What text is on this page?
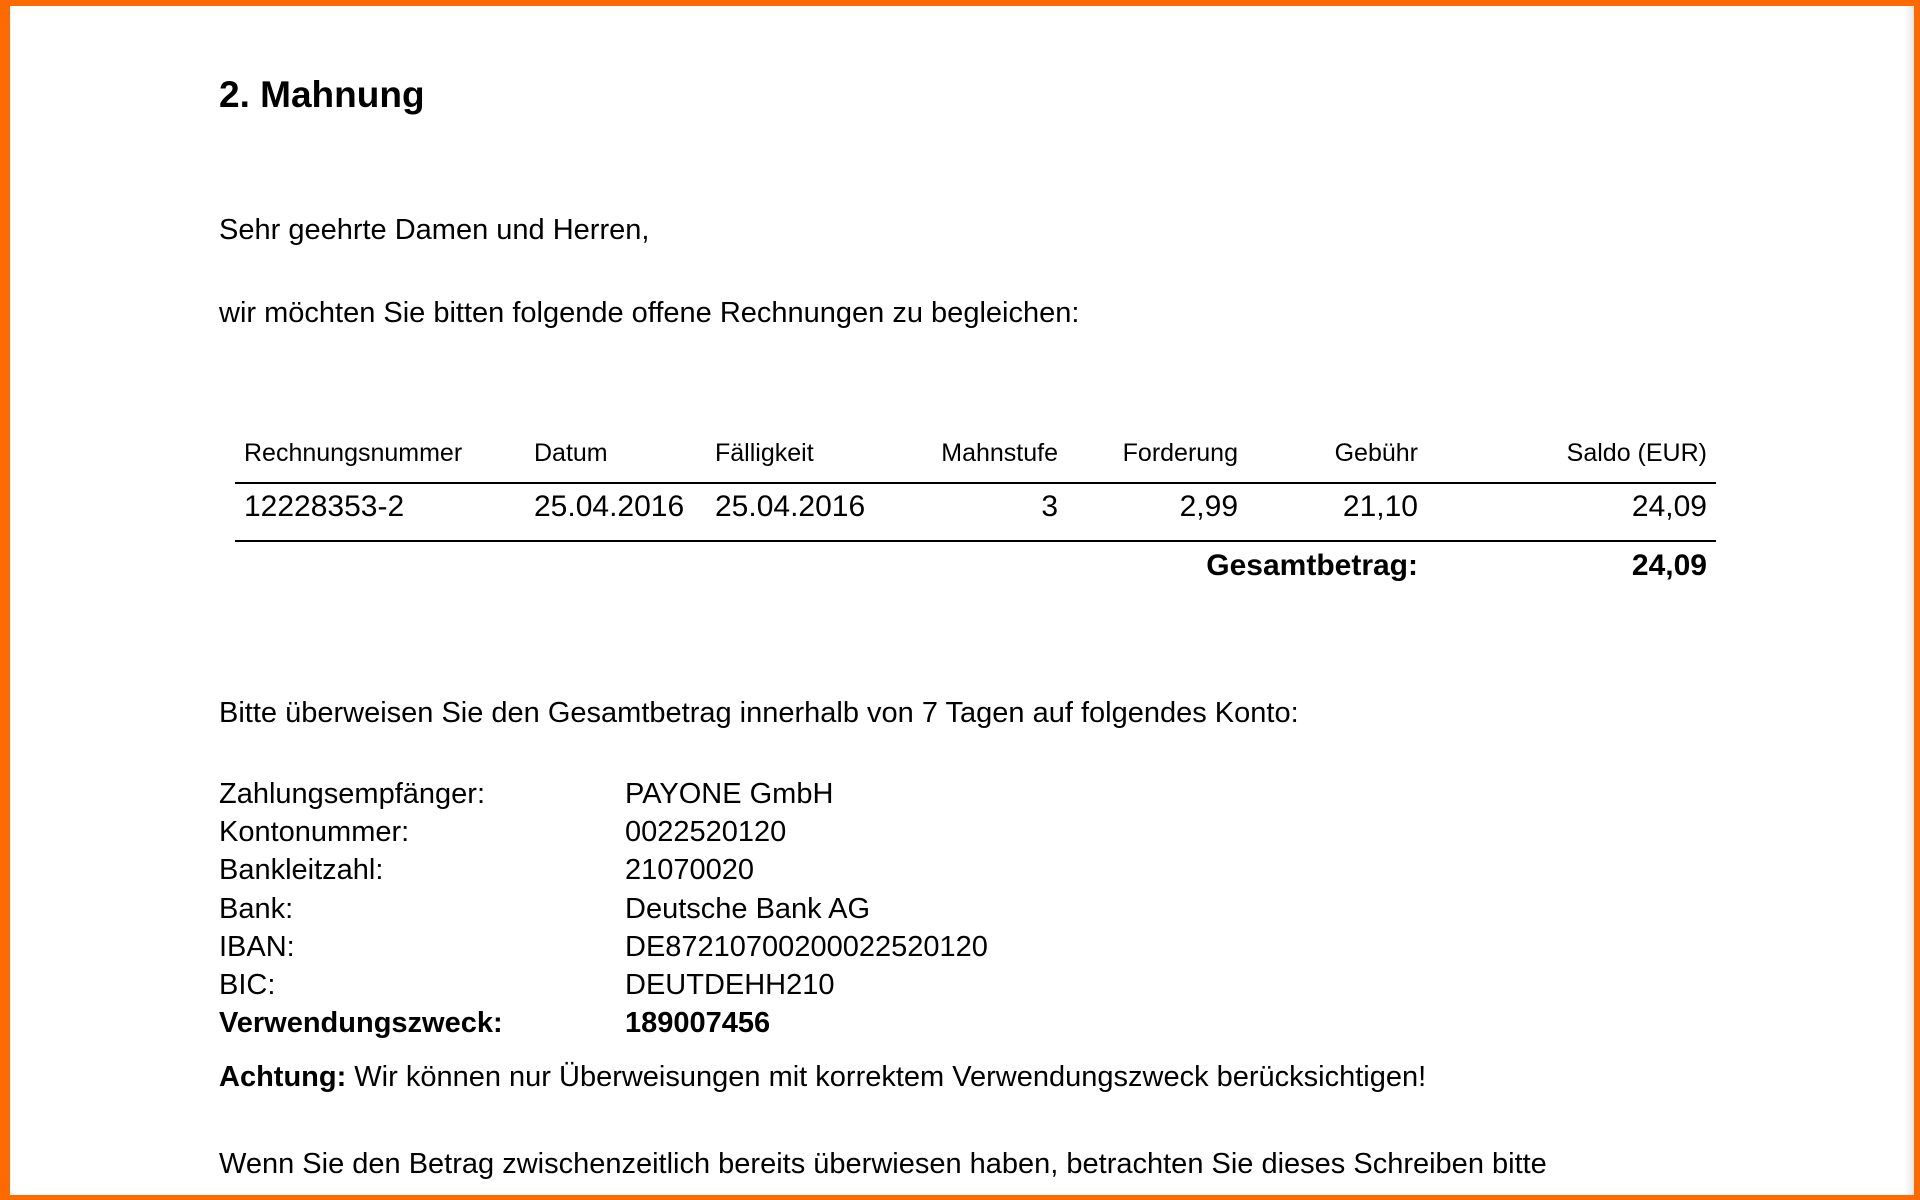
2. Mahnung
Sehr geehrte Damen und Herren,
wir möchten Sie bitten folgende offene Rechnungen zu begleichen:
Rechnungsnummer	Datum	Fälligkeit	Mahnstufe	Forderung	Gebühr	Saldo (EUR)
12228353-2	25.04.2016 25.04.2016	3	2,99	21,10	24,09
Gesamtbetrag:	24,09
Bitte überweisen Sie den Gesamtbetrag innerhalb von 7 Tagen auf folgendes Konto:
Zahlungsempfänger:	PAYONE GmbH
Kontonummer:	0022520120
Bankleitzahl:	21070020
Bank:	Deutsche Bank AG
IBAN:	DE87210700200022520120
BIC:	DEUTDEHH210
Verwendungszweck:	189007456
Achtung: Wir können nur Überweisungen mit korrektem Verwendungszweck berücksichtigen!
Wenn Sie den Betrag zwischenzeitlich bereits überwiesen haben, betrachten Sie dieses Schreiben bitte
